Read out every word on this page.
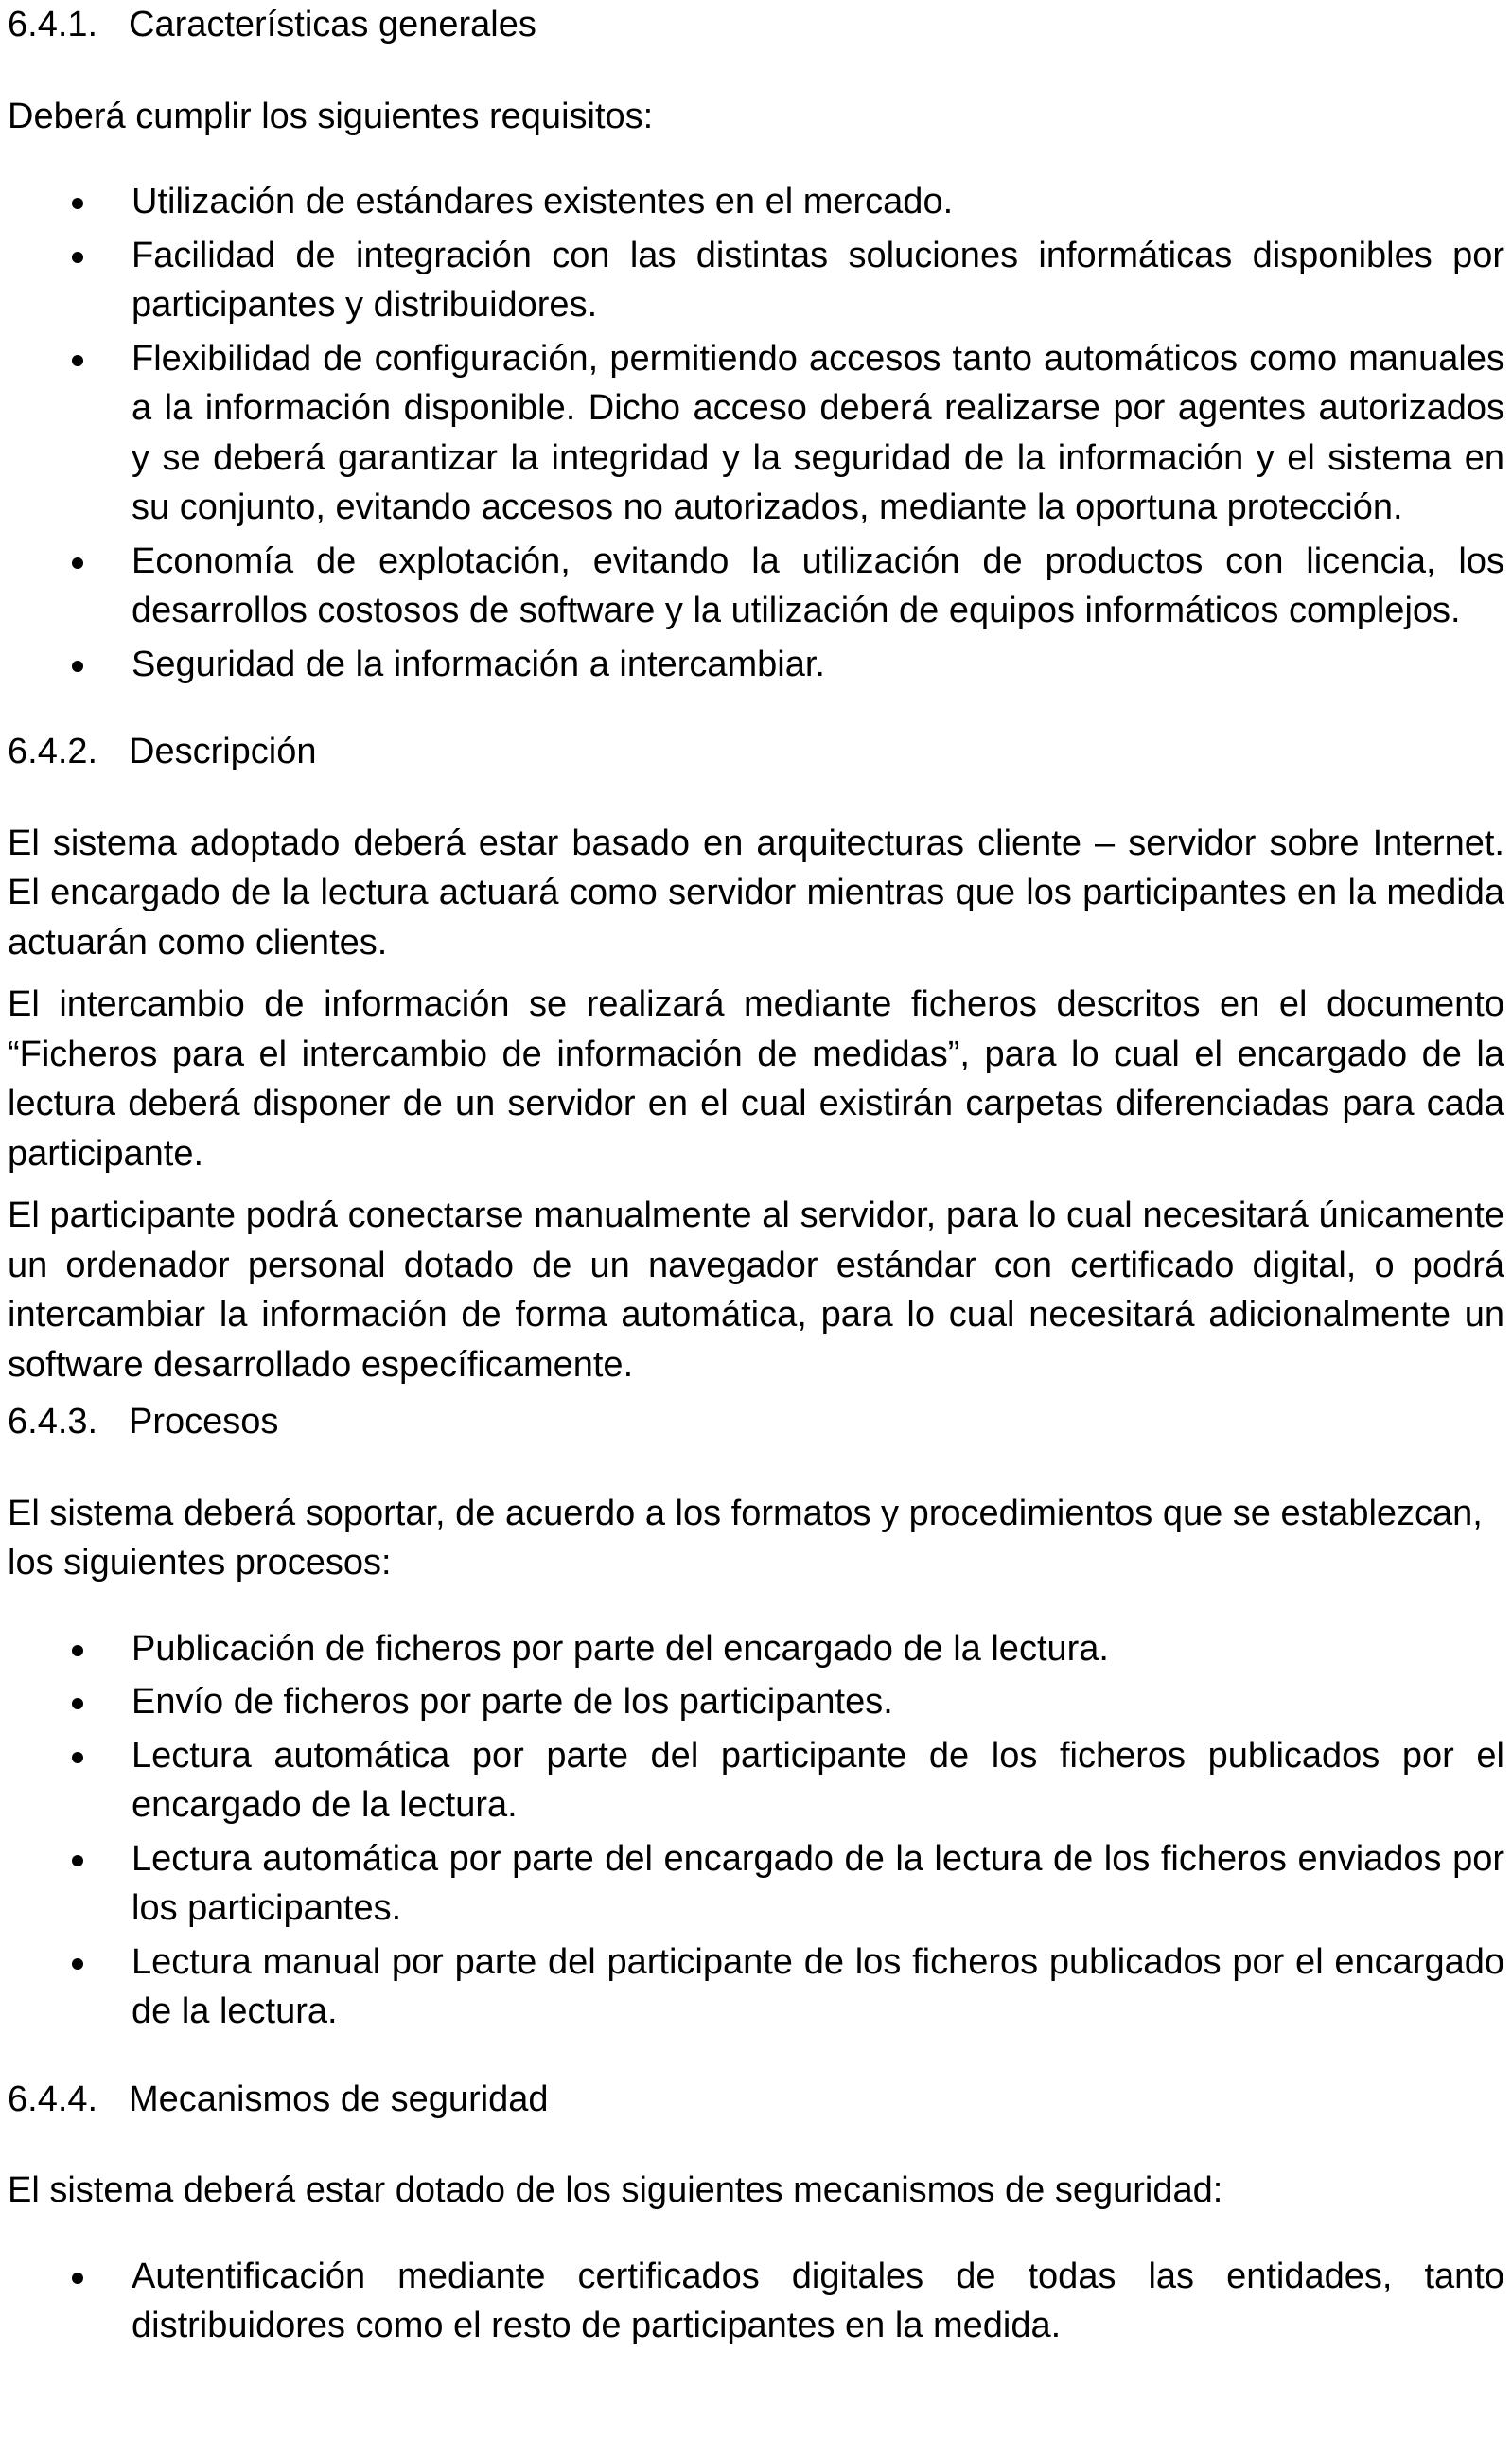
6.4.1. Características generales
Deberá cumplir los siguientes requisitos:
Utilización de estándares existentes en el mercado.
Facilidad de integración con las distintas soluciones informáticas disponibles por participantes y distribuidores.
Flexibilidad de configuración, permitiendo accesos tanto automáticos como manuales a la información disponible. Dicho acceso deberá realizarse por agentes autorizados y se deberá garantizar la integridad y la seguridad de la información y el sistema en su conjunto, evitando accesos no autorizados, mediante la oportuna protección.
Economía de explotación, evitando la utilización de productos con licencia, los desarrollos costosos de software y la utilización de equipos informáticos complejos.
Seguridad de la información a intercambiar.
6.4.2. Descripción
El sistema adoptado deberá estar basado en arquitecturas cliente – servidor sobre Internet. El encargado de la lectura actuará como servidor mientras que los participantes en la medida actuarán como clientes.
El intercambio de información se realizará mediante ficheros descritos en el documento “Ficheros para el intercambio de información de medidas”, para lo cual el encargado de la lectura deberá disponer de un servidor en el cual existirán carpetas diferenciadas para cada participante.
El participante podrá conectarse manualmente al servidor, para lo cual necesitará únicamente un ordenador personal dotado de un navegador estándar con certificado digital, o podrá intercambiar la información de forma automática, para lo cual necesitará adicionalmente un software desarrollado específicamente.
6.4.3. Procesos
El sistema deberá soportar, de acuerdo a los formatos y procedimientos que se establezcan, los siguientes procesos:
Publicación de ficheros por parte del encargado de la lectura.
Envío de ficheros por parte de los participantes.
Lectura automática por parte del participante de los ficheros publicados por el encargado de la lectura.
Lectura automática por parte del encargado de la lectura de los ficheros enviados por los participantes.
Lectura manual por parte del participante de los ficheros publicados por el encargado de la lectura.
6.4.4. Mecanismos de seguridad
El sistema deberá estar dotado de los siguientes mecanismos de seguridad:
Autentificación mediante certificados digitales de todas las entidades, tanto distribuidores como el resto de participantes en la medida.
